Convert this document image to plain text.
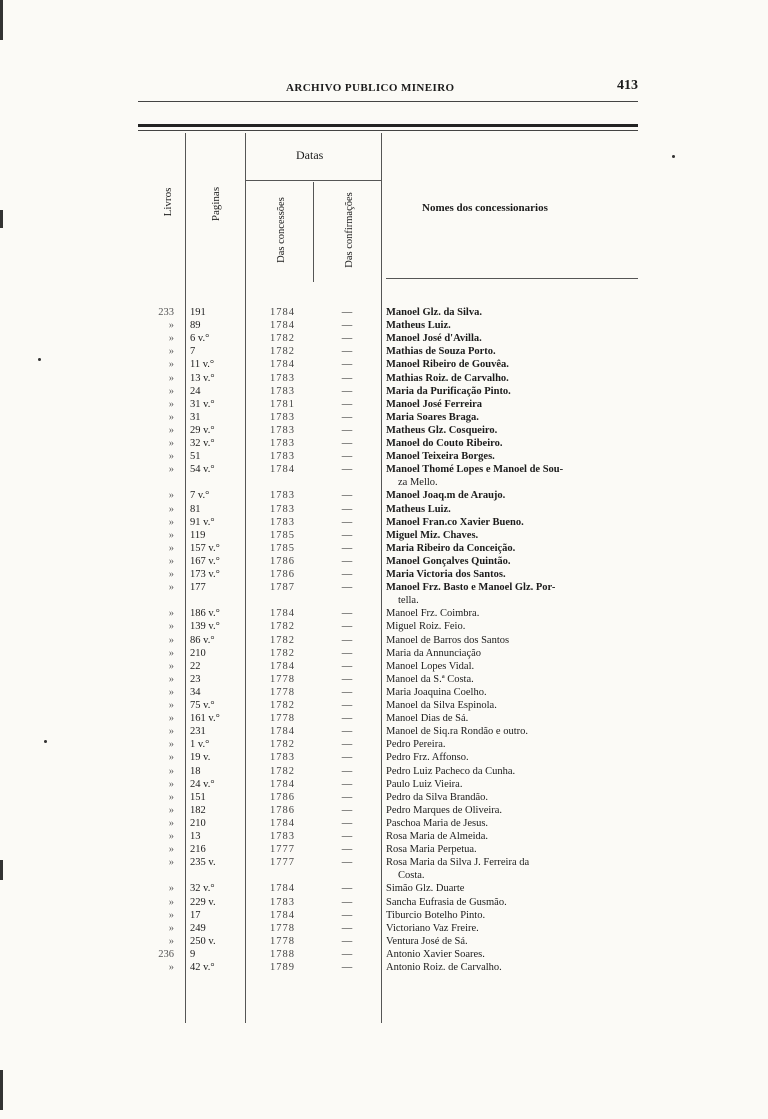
ARCHIVO PUBLICO MINEIRO	413
Datas
Livros	Paginas	Das concessões	Das confirmações	Nomes dos concessionarios
233 191	1784	—	Manoel Glz. da Silva.
» 89	1784	—	Matheus Luiz.
» 6 v.°	1782	—	Manoel José d'Avilla.
» 7	1782	—	Mathias de Souza Porto.
» 11 v.°	1784	—	Manoel Ribeiro de Gouvêa.
» 13 v.°	1783	—	Mathias Roiz. de Carvalho.
» 24	1783	—	Maria da Purificação Pinto.
» 31 v.°	1781	—	Manoel José Ferreira
» 31	1783	—	Maria Soares Braga.
» 29 v.°	1783	—	Matheus Glz. Cosqueiro.
» 32 v.°	1783	—	Manoel do Couto Ribeiro.
» 51	1783	—	Manoel Teixeira Borges.
» 54 v.°	1784	—	Manoel Thomé Lopes e Manoel de Sou-
za Mello.
» 7 v.°	1783	—	Manoel Joaq.m de Araujo.
» 81	1783	—	Matheus Luiz.
» 91 v.°	1783	—	Manoel Fran.co Xavier Bueno.
» 119	1785	—	Miguel Miz. Chaves.
» 157 v.°	1785	—	Maria Ribeiro da Conceição.
» 167 v.°	1786	—	Manoel Gonçalves Quintão.
» 173 v.°	1786	—	Maria Victoria dos Santos.
» 177	1787	—	Manoel Frz. Basto e Manoel Glz. Por-
tella.
» 186 v.°	1784	—	Manoel Frz. Coimbra.
» 139 v.°	1782	—	Miguel Roiz. Feio.
» 86 v.°	1782	—	Manoel de Barros dos Santos
» 210	1782	—	Maria da Annunciação
» 22	1784	—	Manoel Lopes Vidal.
» 23	1778	—	Manoel da S.ª Costa.
» 34	1778	—	Maria Joaquina Coelho.
» 75 v.°	1782	—	Manoel da Silva Espinola.
» 161 v.°	1778	—	Manoel Dias de Sá.
» 231	1784	—	Manoel de Siq.ra Rondão e outro.
» 1 v.°	1782	—	Pedro Pereira.
» 19 v.	1783	—	Pedro Frz. Affonso.
» 18	1782	—	Pedro Luiz Pacheco da Cunha.
» 24 v.°	1784	—	Paulo Luiz Vieira.
» 151	1786	—	Pedro da Silva Brandão.
» 182	1786	—	Pedro Marques de Oliveira.
» 210	1784	—	Paschoa Maria de Jesus.
» 13	1783	—	Rosa Maria de Almeida.
» 216	1777	—	Rosa Maria Perpetua.
» 235 v.	1777	—	Rosa Maria da Silva J. Ferreira da
Costa.
» 32 v.°	1784	—	Simão Glz. Duarte
» 229 v.	1783	—	Sancha Eufrasia de Gusmão.
» 17	1784	—	Tiburcio Botelho Pinto.
» 249	1778	—	Victoriano Vaz Freire.
» 250 v.	1778	—	Ventura José de Sá.
236 9	1788	—	Antonio Xavier Soares.
» 42 v.°	1789	—	Antonio Roiz. de Carvalho.
